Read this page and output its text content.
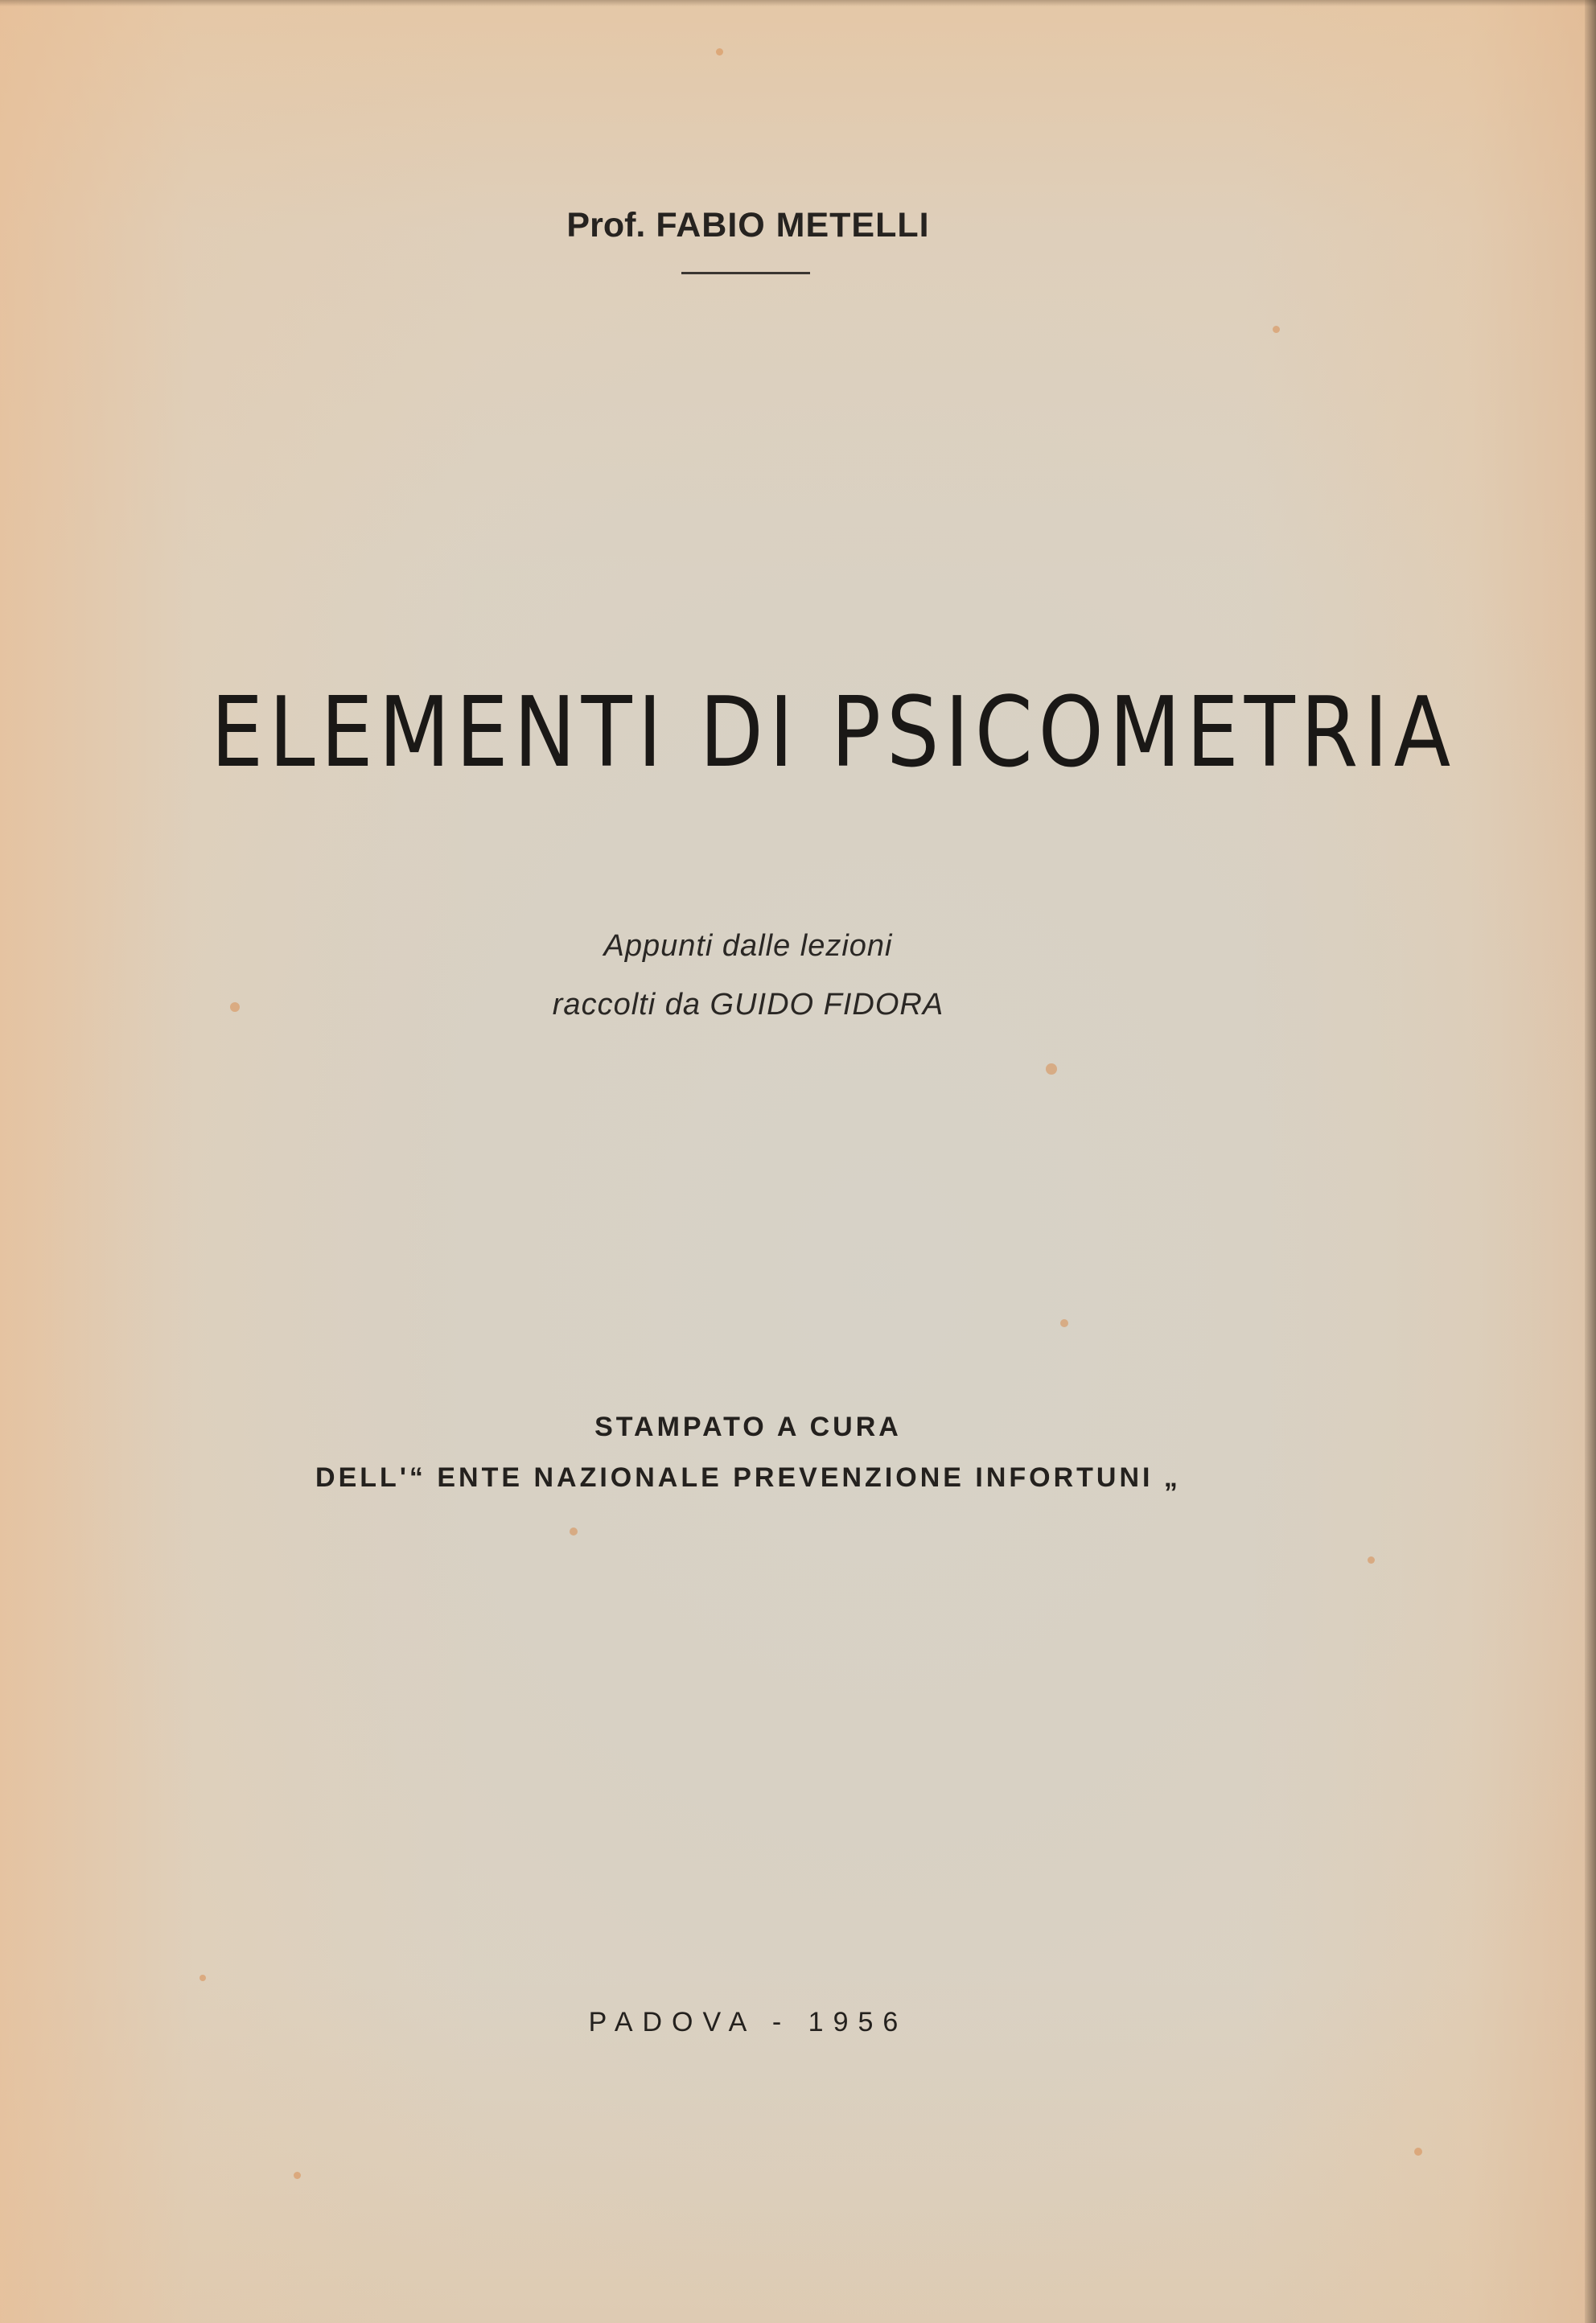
Prof. FABIO METELLI
ELEMENTI DI PSICOMETRIA
Appunti dalle lezioni
raccolti da GUIDO FIDORA
STAMPATO A CURA
DELL'“ ENTE NAZIONALE PREVENZIONE INFORTUNI „
PADOVA - 1956
